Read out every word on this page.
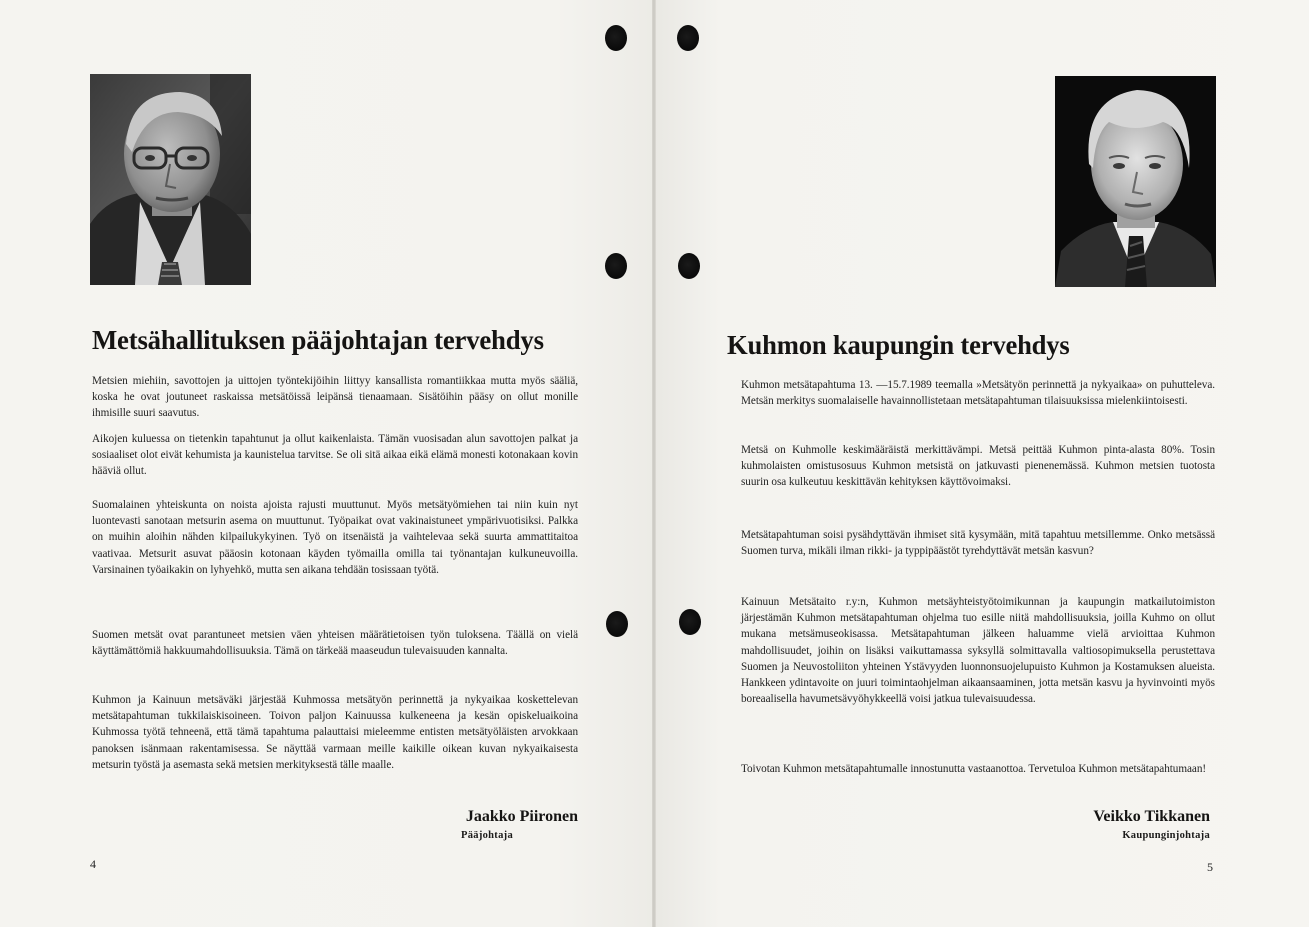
Metsähallituksen pääjohtajan tervehdys

Metsien miehiin, savottojen ja uittojen työntekijöihin liittyy kansallista romantiikkaa mutta myös sääliä, koska he ovat joutuneet raskaissa metsätöissä leipänsä tienaamaan. Sisätöihin pääsy on ollut monille ihmisille suuri saavutus.

Aikojen kuluessa on tietenkin tapahtunut ja ollut kaikenlaista. Tämän vuosisadan alun savottojen palkat ja sosiaaliset olot eivät kehumista ja kaunistelua tarvitse. Se oli sitä aikaa eikä elämä monesti kotonakaan kovin hääviä ollut.

Suomalainen yhteiskunta on noista ajoista rajusti muuttunut. Myös metsätyömiehen tai niin kuin nyt luontevasti sanotaan metsurin asema on muuttunut. Työpaikat ovat vakinaistuneet ympärivuotisiksi. Palkka on muihin aloihin nähden kilpailukykyinen. Työ on itsenäistä ja vaihtelevaa sekä suurta ammattitaitoa vaativaa. Metsurit asuvat pääosin kotonaan käyden työmailla omilla tai työnantajan kulkuneuvoilla. Varsinainen työaikakin on lyhyehkö, mutta sen aikana tehdään tosissaan työtä.

Suomen metsät ovat parantuneet metsien väen yhteisen määrätietoisen työn tuloksena. Täällä on vielä käyttämättömiä hakkuumahdollisuuksia. Tämä on tärkeää maaseudun tulevaisuuden kannalta.

Kuhmon ja Kainuun metsäväki järjestää Kuhmossa metsätyön perinnettä ja nykyaikaa koskettelevan metsätapahtuman tukkilaiskisoineen. Toivon paljon Kainuussa kulkeneena ja kesän opiskeluaikoina Kuhmossa työtä tehneenä, että tämä tapahtuma palauttaisi mieleemme entisten metsätyöläisten arvokkaan panoksen isänmaan rakentamisessa. Se näyttää varmaan meille kaikille oikean kuvan nykyaikaisesta metsurin työstä ja asemasta sekä metsien merkityksestä tälle maalle.

Jaakko Piironen

Pääjohtaja

4

Kuhmon kaupungin tervehdys

Kuhmon metsätapahtuma 13. —15.7.1989 teemalla »Metsätyön perinnettä ja nykyaikaa» on puhutteleva. Metsän merkitys suomalaiselle havainnollistetaan metsätapahtuman tilaisuuksissa mielenkiintoisesti.

Metsä on Kuhmolle keskimääräistä merkittävämpi. Metsä peittää Kuhmon pinta-alasta 80%. Tosin kuhmolaisten omistusosuus Kuhmon metsistä on jatkuvasti pienenemässä. Kuhmon metsien tuotosta suurin osa kulkeutuu keskittävän kehityksen käyttövoimaksi.

Metsätapahtuman soisi pysähdyttävän ihmiset sitä kysymään, mitä tapahtuu metsillemme. Onko metsässä Suomen turva, mikäli ilman rikki- ja typpipäästöt tyrehdyttävät metsän kasvun?

Kainuun Metsätaito r.y:n, Kuhmon metsäyhteistyötoimikunnan ja kaupungin matkailutoimiston järjestämän Kuhmon metsätapahtuman ohjelma tuo esille niitä mahdollisuuksia, joilla Kuhmo on ollut mukana metsämuseokisassa. Metsätapahtuman jälkeen haluamme vielä arvioittaa Kuhmon mahdollisuudet, joihin on lisäksi vaikuttamassa syksyllä solmittavalla valtiosopimuksella perustettava Suomen ja Neuvostoliiton yhteinen Ystävyyden luonnonsuojelupuisto Kuhmon ja Kostamuksen alueista. Hankkeen ydintavoite on juuri toimintaohjelman aikaansaaminen, jotta metsän kasvu ja hyvinvointi myös boreaalisella havumetsävyöhykkeellä voisi jatkua tulevaisuudessa.

Toivotan Kuhmon metsätapahtumalle innostunutta vastaanottoa. Tervetuloa Kuhmon metsätapahtumaan!

Veikko Tikkanen

Kaupunginjohtaja

5
